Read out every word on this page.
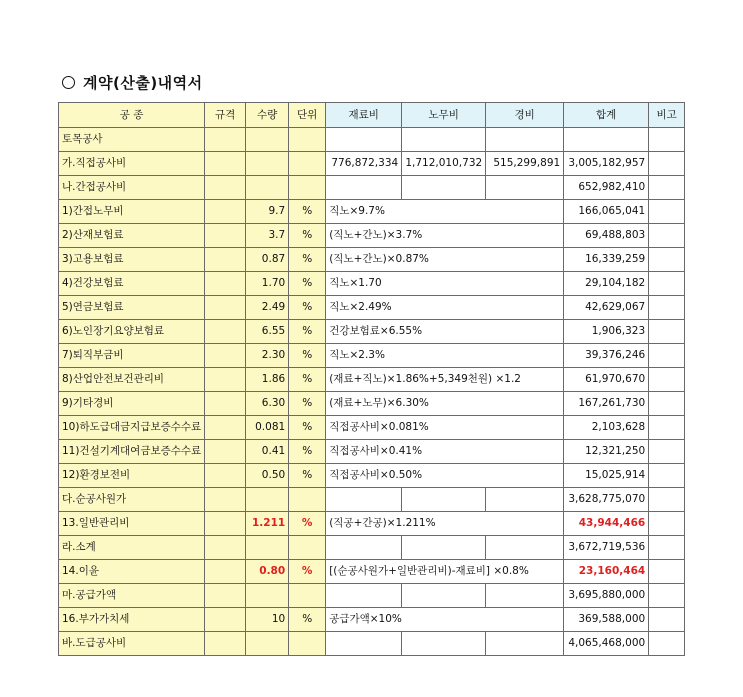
계약(산출)내역서
공 종	규격	수량	단위	재료비	노무비	경비	합계	비고
토목공사								
가.직접공사비				776,872,334	1,712,010,732	515,299,891	3,005,182,957	
나.간접공사비							652,982,410	
1)간접노무비		9.7	%	직노×9.7%			166,065,041	
2)산재보험료		3.7	%	(직노+간노)×3.7%			69,488,803	
3)고용보험료		0.87	%	(직노+간노)×0.87%			16,339,259	
4)건강보험료		1.70	%	직노×1.70			29,104,182	
5)연금보험료		2.49	%	직노×2.49%			42,629,067	
6)노인장기요양보험료		6.55	%	건강보험료×6.55%			1,906,323	
7)퇴직부금비		2.30	%	직노×2.3%			39,376,246	
8)산업안전보건관리비		1.86	%	(재료+직노)×1.86%+5,349천원) ×1.2			61,970,670	
9)기타경비		6.30	%	(재료+노무)×6.30%			167,261,730	
10)하도급대금지급보증수수료		0.081	%	직접공사비×0.081%			2,103,628	
11)건설기계대여금보증수수료		0.41	%	직접공사비×0.41%			12,321,250	
12)환경보전비		0.50	%	직접공사비×0.50%			15,025,914	
다.순공사원가							3,628,775,070	
13.일반관리비		1.211	%	(직공+간공)×1.211%			43,944,466	
라.소계							3,672,719,536	
14.이윤		0.80	%	[(순공사원가+일반관리비)-재료비] ×0.8%			23,160,464	
마.공급가액							3,695,880,000	
16.부가가치세		10	%	공급가액×10%			369,588,000	
바.도급공사비							4,065,468,000	
